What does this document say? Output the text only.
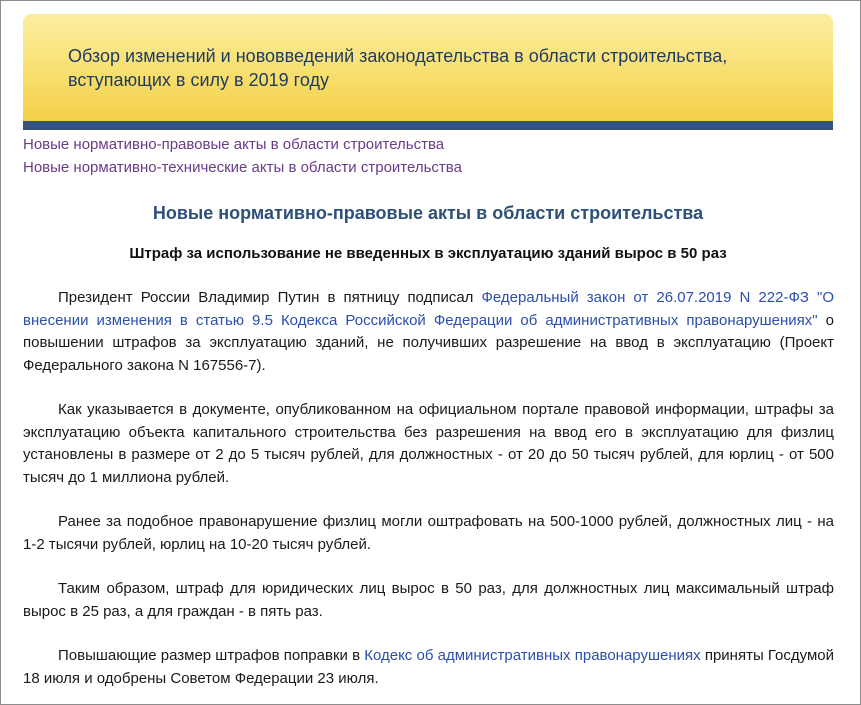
Обзор изменений и нововведений законодательства в области строительства, вступающих в силу в 2019 году
Новые нормативно-правовые акты в области строительства
Новые нормативно-технические акты в области строительства
Новые нормативно-правовые акты в области строительства
Штраф за использование не введенных в эксплуатацию зданий вырос в 50 раз

Президент России Владимир Путин в пятницу подписал Федеральный закон от 26.07.2019 N 222-ФЗ "О внесении изменения в статью 9.5 Кодекса Российской Федерации об административных правонарушениях" о повышении штрафов за эксплуатацию зданий, не получивших разрешение на ввод в эксплуатацию (Проект Федерального закона N 167556-7).

Как указывается в документе, опубликованном на официальном портале правовой информации, штрафы за эксплуатацию объекта капитального строительства без разрешения на ввод его в эксплуатацию для физлиц установлены в размере от 2 до 5 тысяч рублей, для должностных - от 20 до 50 тысяч рублей, для юрлиц - от 500 тысяч до 1 миллиона рублей.

Ранее за подобное правонарушение физлиц могли оштрафовать на 500-1000 рублей, должностных лиц - на 1-2 тысячи рублей, юрлиц на 10-20 тысяч рублей.

Таким образом, штраф для юридических лиц вырос в 50 раз, для должностных лиц максимальный штраф вырос в 25 раз, а для граждан - в пять раз.

Повышающие размер штрафов поправки в Кодекс об административных правонарушениях приняты Госдумой 18 июля и одобрены Советом Федерации 23 июля.
